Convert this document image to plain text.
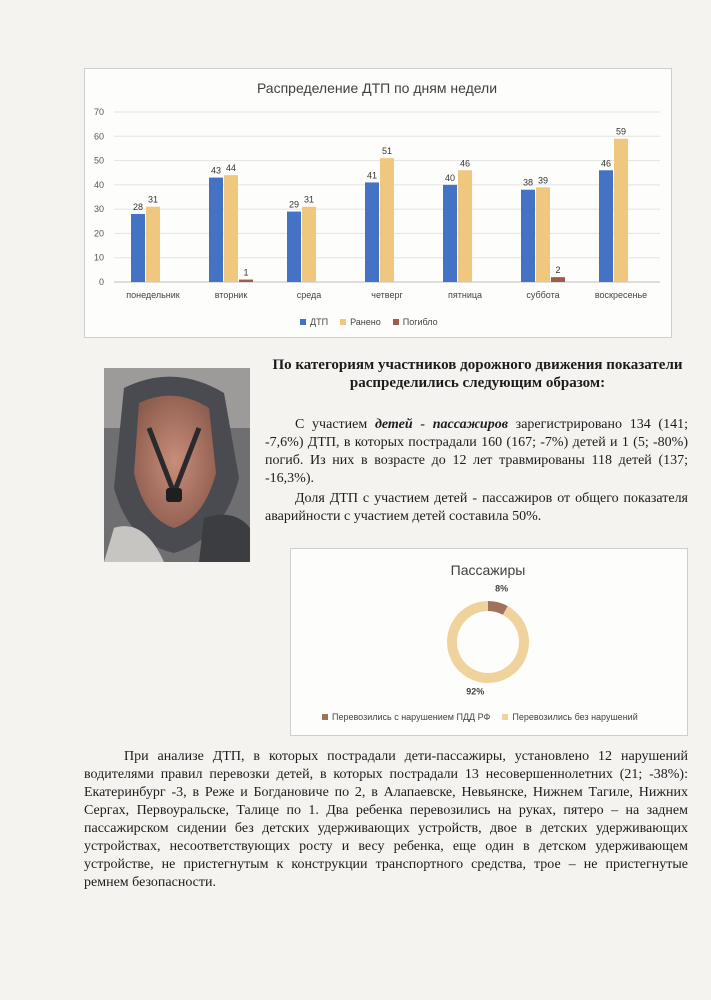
Распределение ДТП по дням недели
0
10
20
30
40
50
60
70
28
31
понедельник
43 44
1
вторник
29 31
среда
41
51
четверг
40
46
пятница
38 39
2
суббота
46
59
воскресенье
ДТП Ранено Погибло
По категориям участников дорожного движения показатели распределились следующим образом:
С участием детей - пассажиров зарегистрировано 134 (141; -7,6%) ДТП, в которых пострадали 160 (167; -7%) детей и 1 (5; -80%) погиб. Из них в возрасте до 12 лет травмированы 118 детей (137; -16,3%).
Доля ДТП с участием детей - пассажиров от общего показателя аварийности с участием детей составила 50%.
Пассажиры
8%
92%
Перевозились с нарушением ПДД РФ Перевозились без нарушений
При анализе ДТП, в которых пострадали дети-пассажиры, установлено 12 нарушений водителями правил перевозки детей, в которых пострадали 13 несовершеннолетних (21; -38%): Екатеринбург -3, в Реже и Богдановиче по 2, в Алапаевске, Невьянске, Нижнем Тагиле, Нижних Сергах, Первоуральске, Талице по 1. Два ребенка перевозились на руках, пятеро – на заднем пассажирском сидении без детских удерживающих устройств, двое в детских удерживающих устройствах, несоответствующих росту и весу ребенка, еще один в детском удерживающем устройстве, не пристегнутым к конструкции транспортного средства, трое – не пристегнутые ремнем безопасности.
